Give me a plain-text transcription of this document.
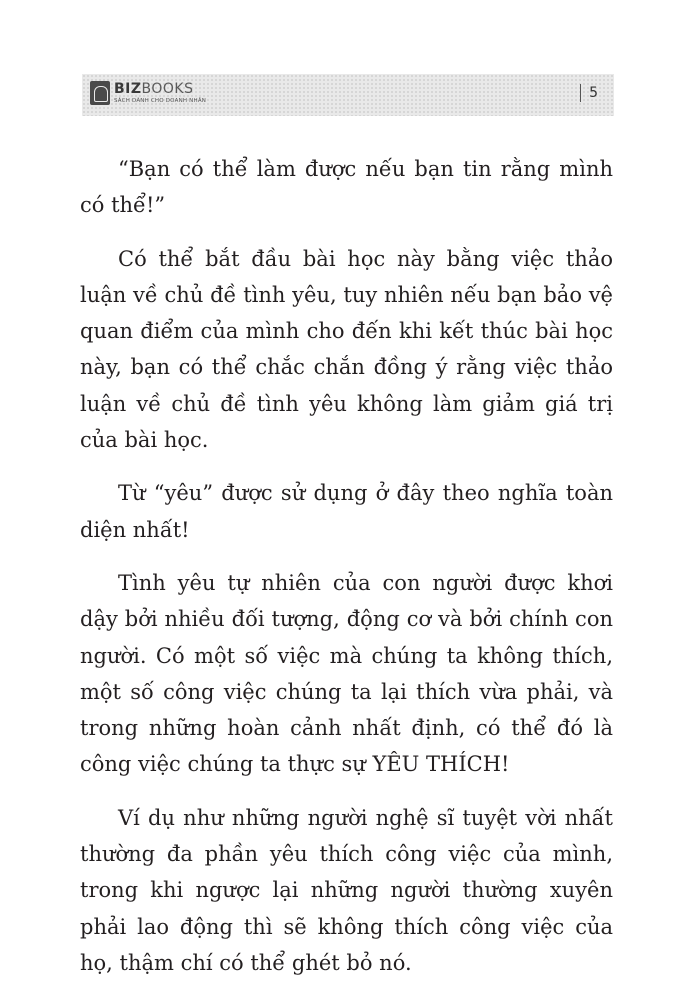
BIZBOOKS
SÁCH DÀNH CHO DOANH NHÂN	5

“Bạn có thể làm được nếu bạn tin rằng mình có thể!”

Có thể bắt đầu bài học này bằng việc thảo luận về chủ đề tình yêu, tuy nhiên nếu bạn bảo vệ quan điểm của mình cho đến khi kết thúc bài học này, bạn có thể chắc chắn đồng ý rằng việc thảo luận về chủ đề tình yêu không làm giảm giá trị của bài học.

Từ “yêu” được sử dụng ở đây theo nghĩa toàn diện nhất!

Tình yêu tự nhiên của con người được khơi dậy bởi nhiều đối tượng, động cơ và bởi chính con người. Có một số việc mà chúng ta không thích, một số công việc chúng ta lại thích vừa phải, và trong những hoàn cảnh nhất định, có thể đó là công việc chúng ta thực sự YÊU THÍCH!

Ví dụ như những người nghệ sĩ tuyệt vời nhất thường đa phần yêu thích công việc của mình, trong khi ngược lại những người thường xuyên phải lao động thì sẽ không thích công việc của họ, thậm chí có thể ghét bỏ nó.
